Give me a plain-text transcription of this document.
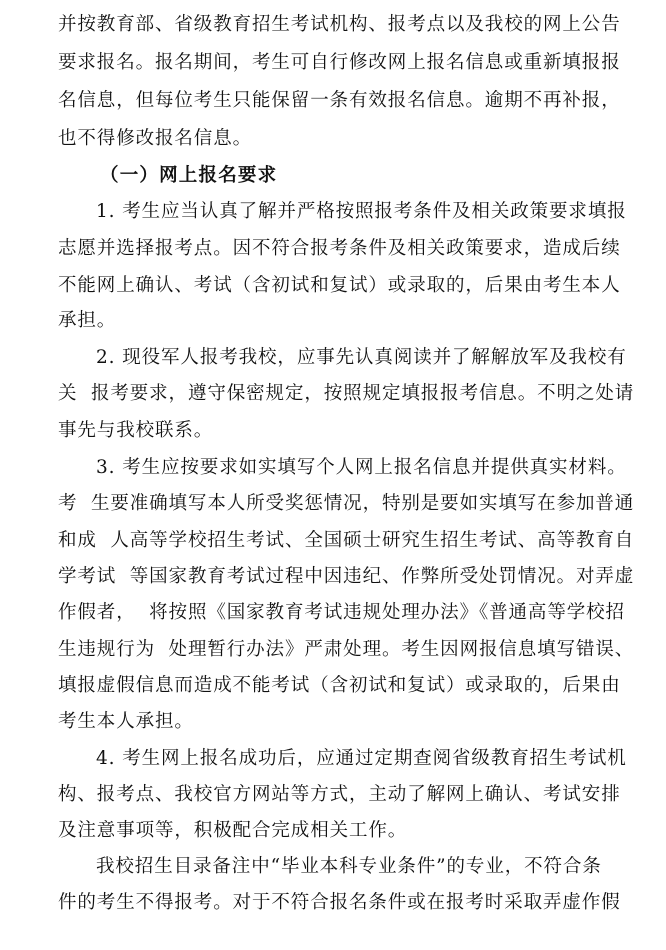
并按教育部、省级教育招生考试机构、报考点以及我校的网上公告
要求报名。报名期间，考生可自行修改网上报名信息或重新填报报
名信息，但每位考生只能保留一条有效报名信息。逾期不再补报，
也不得修改报名信息。
（一）网上报名要求
1. 考生应当认真了解并严格按照报考条件及相关政策要求填报
志愿并选择报考点。因不符合报考条件及相关政策要求，造成后续
不能网上确认、考试（含初试和复试）或录取的，后果由考生本人
承担。
2. 现役军人报考我校，应事先认真阅读并了解解放军及我校有
关  报考要求，遵守保密规定，按照规定填报报考信息。不明之处请
事先与我校联系。
3. 考生应按要求如实填写个人网上报名信息并提供真实材料。
考  生要准确填写本人所受奖惩情况，特别是要如实填写在参加普通
和成  人高等学校招生考试、全国硕士研究生招生考试、高等教育自
学考试  等国家教育考试过程中因违纪、作弊所受处罚情况。对弄虚
作假者，  将按照《国家教育考试违规处理办法》《普通高等学校招
生违规行为  处理暂行办法》严肃处理。考生因网报信息填写错误、
填报虚假信息而造成不能考试（含初试和复试）或录取的，后果由
考生本人承担。
4. 考生网上报名成功后，应通过定期查阅省级教育招生考试机
构、报考点、我校官方网站等方式，主动了解网上确认、考试安排
及注意事项等，积极配合完成相关工作。
我校招生目录备注中“毕业本科专业条件”的专业，不符合条
件的考生不得报考。对于不符合报名条件或在报考时采取弄虚作假
